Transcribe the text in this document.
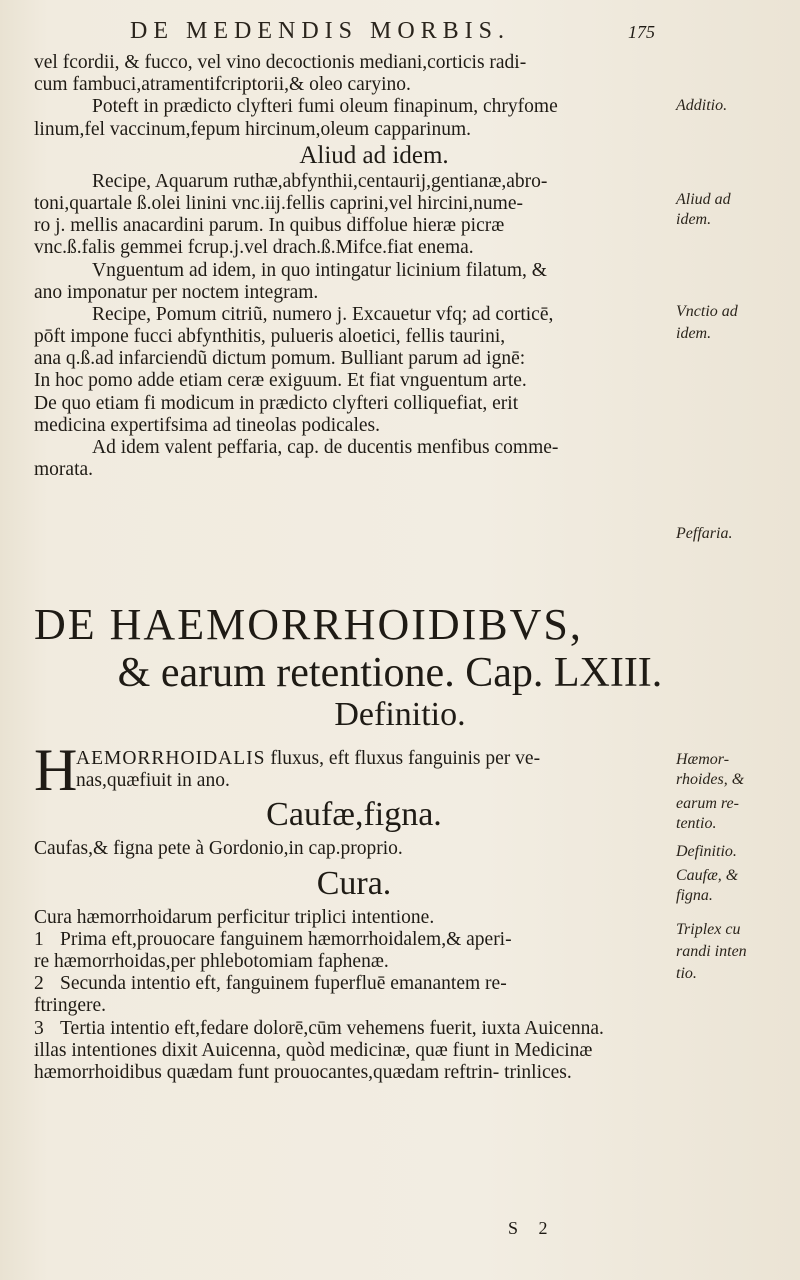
DE MEDENDIS MORBIS.	175
vel fcordii, & fucco, vel vino decoctionis mediani,corticis radi-
cum fambuci,atramentifcriptorii,& oleo caryino.
Poteft in prædicto clyfteri fumi oleum finapinum, chryfome
linum,fel vaccinum,fepum hircinum,oleum capparinum.
Aliud ad idem.
Recipe, Aquarum ruthæ,abfynthii,centaurij,gentianæ,abro-
toni,quartale ß.olei linini vnc.iij.fellis caprini,vel hircini,nume-
ro j. mellis anacardini parum. In quibus diffolue hieræ picræ
vnc.ß.falis gemmei fcrup.j.vel drach.ß.Mifce.fiat enema.
Vnguentum ad idem, in quo intingatur licinium filatum, &
ano imponatur per noctem integram.
Recipe, Pomum citriũ, numero j. Excauetur vfq; ad corticē,
pōft impone fucci abfynthitis, pulueris aloetici, fellis taurini,
ana q.ß.ad infarciendũ dictum pomum. Bulliant parum ad ignē:
In hoc pomo adde etiam ceræ exiguum. Et fiat vnguentum arte.
De quo etiam fi modicum in prædicto clyfteri colliquefiat, erit
medicina expertifsima ad tineolas podicales.
Ad idem valent peffaria, cap. de ducentis menfibus comme-
morata.
Additio.
Aliud ad
idem.
Vnctio ad
idem.
Peffaria.
DE HAEMORRHOIDIBVS,
& earum retentione. Cap. LXIII.
Definitio.
H
AEMORRHOIDALIS fluxus, eft fluxus fanguinis per ve-
nas,quæfiuit in ano.
Caufæ,figna.
Caufas,& figna pete à Gordonio,in cap.proprio.
Cura.
Cura hæmorrhoidarum perficitur triplici intentione.
1 Prima eft,prouocare fanguinem hæmorrhoidalem,& aperi-
re hæmorrhoidas,per phlebotomiam faphenæ.
2 Secunda intentio eft, fanguinem fuperfluē emanantem re-
ftringere.
3 Tertia intentio eft,fedare dolorē,cūm vehemens fuerit, iuxta Auicenna.
illas intentiones dixit Auicenna, quòd medicinæ, quæ fiunt in Medicinæ
hæmorrhoidibus quædam funt prouocantes,quædam reftrin- trinlices.
Hæmor-
rhoides, &
earum re-
tentio.
Definitio.
Caufæ, &
figna.
Triplex cu
randi inten
tio.
S 2
